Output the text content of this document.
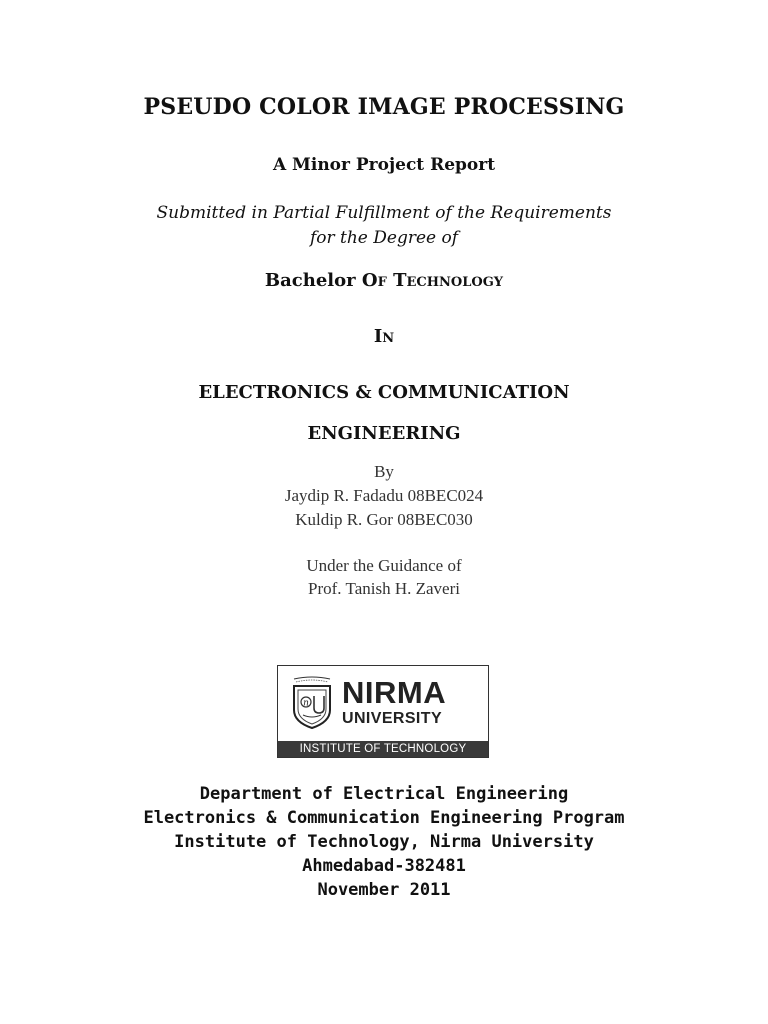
PSEUDO COLOR IMAGE PROCESSING
A Minor Project Report
Submitted in Partial Fulfillment of the Requirements
for the Degree of
Bachelor OF TECHNOLOGY
IN
ELECTRONICS & COMMUNICATION
ENGINEERING
By
Jaydip R. Fadadu 08BEC024
Kuldip R. Gor 08BEC030
Under the Guidance of
Prof. Tanish H. Zaveri
n NIRMA
UNIVERSITY
INSTITUTE OF TECHNOLOGY
Department of Electrical Engineering
Electronics & Communication Engineering Program
Institute of Technology, Nirma University
Ahmedabad-382481
November 2011
